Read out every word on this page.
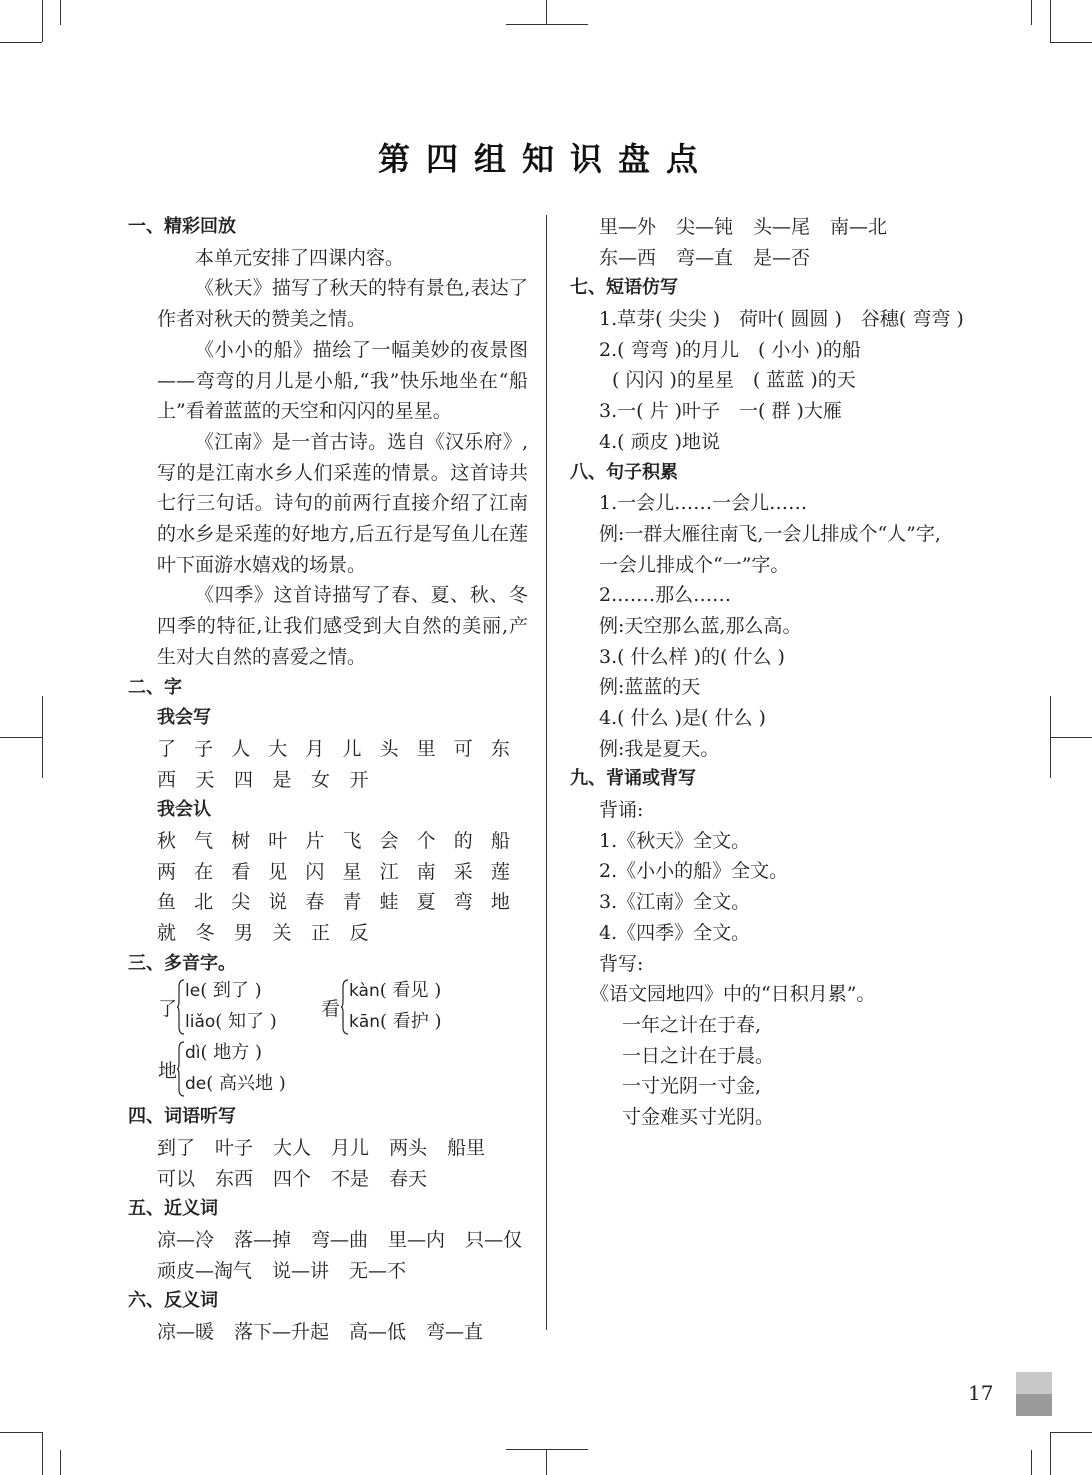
第四组知识盘点
一、精彩回放

本单元安排了四课内容。

《秋天》描写了秋天的特有景色,表达了作者对秋天的赞美之情。

《小小的船》描绘了一幅美妙的夜景图——弯弯的月儿是小船,“我”快乐地坐在“船上”看着蓝蓝的天空和闪闪的星星。

《江南》是一首古诗。选自《汉乐府》,写的是江南水乡人们采莲的情景。这首诗共七行三句话。诗句的前两行直接介绍了江南的水乡是采莲的好地方,后五行是写鱼儿在莲叶下面游水嬉戏的场景。

《四季》这首诗描写了春、夏、秋、冬四季的特征,让我们感受到大自然的美丽,产生对大自然的喜爱之情。

二、字
我会写
了 子 人 大 月 儿 头 里 可 东
西	天	四	是	女	开
我会认
秋 气 树 叶 片 飞 会 个 的 船
两 在 看 见 闪 星 江 南 采 莲
鱼 北 尖 说 春 青 蛙 夏 弯 地
就	冬	男	关	正	反
三、多音字。
了
le( 到了 )
liǎo( 知了 )
看
kàn( 看见 )
kān( 看护 )
地
dì( 地方 )
de( 高兴地 )
四、词语听写
到了 叶子 大人 月儿 两头 船里
可以 东西 四个 不是 春天
五、近义词
凉—冷 落—掉 弯—曲 里—内 只—仅
顽皮—淘气 说—讲 无—不
六、反义词
凉—暖 落下—升起 高—低 弯—直
里—外 尖—钝 头—尾 南—北
东—西 弯—直 是—否
七、短语仿写
1.草芽( 尖尖 )　荷叶( 圆圆 )　谷穗( 弯弯 )
2.( 弯弯 )的月儿　( 小小 )的船
( 闪闪 )的星星　( 蓝蓝 )的天
3.一( 片 )叶子　一( 群 )大雁
4.( 顽皮 )地说
八、句子积累
1.一会儿……一会儿……
例:一群大雁往南飞,一会儿排成个“人”字,
一会儿排成个“一”字。
2.……那么……
例:天空那么蓝,那么高。
3.( 什么样 )的( 什么 )
例:蓝蓝的天
4.( 什么 )是( 什么 )
例:我是夏天。
九、背诵或背写
背诵:
1.《秋天》全文。
2.《小小的船》全文。
3.《江南》全文。
4.《四季》全文。
背写:
《语文园地四》中的“日积月累”。
一年之计在于春,
一日之计在于晨。
一寸光阴一寸金,
寸金难买寸光阴。
17
